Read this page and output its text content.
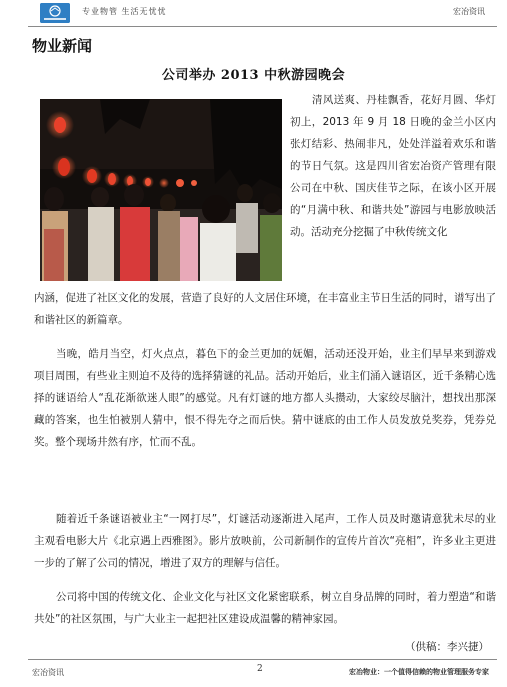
专业物管 生活无忧忧	宏冶资讯
物业新闻
公司举办 2013 中秋游园晚会
清风送爽、丹桂飘香，花好月圆、华灯初上，2013 年 9 月 18 日晚的金兰小区内张灯结彩、热闹非凡，处处洋溢着欢乐和谐的节日气氛。这是四川省宏冶资产管理有限公司在中秋、国庆佳节之际，在该小区开展的“月满中秋、和谐共处”游园与电影放映活动。活动充分挖掘了中秋传统文化
内涵，促进了社区文化的发展，营造了良好的人文居住环境，在丰富业主节日生活的同时，谱写出了和谐社区的新篇章。
当晚，皓月当空，灯火点点，暮色下的金兰更加的妩媚，活动还没开始，业主们早早来到游戏项目周围，有些业主则迫不及待的选择猜谜的礼品。活动开始后，业主们涌入谜语区，近千条精心选择的谜语给人“乱花渐欲迷人眼”的感觉。凡有灯谜的地方都人头攒动，大家绞尽脑汁，想找出那深藏的答案，也生怕被别人猜中，恨不得先夺之而后快。猜中谜底的由工作人员发放兑奖券，凭券兑奖。整个现场井然有序，忙而不乱。
随着近千条谜语被业主“一网打尽”，灯谜活动逐渐进入尾声，工作人员及时邀请意犹未尽的业主观看电影大片《北京遇上西雅图》。影片放映前，公司新制作的宣传片首次“亮相”，许多业主更进一步的了解了公司的情况，增进了双方的理解与信任。
公司将中国的传统文化、企业文化与社区文化紧密联系，树立自身品牌的同时，着力塑造“和谐共处”的社区氛围，与广大业主一起把社区建设成温馨的精神家园。
（供稿：李兴捷）
宏冶资讯	2	宏冶物业：一个值得信赖的物业管理服务专家
